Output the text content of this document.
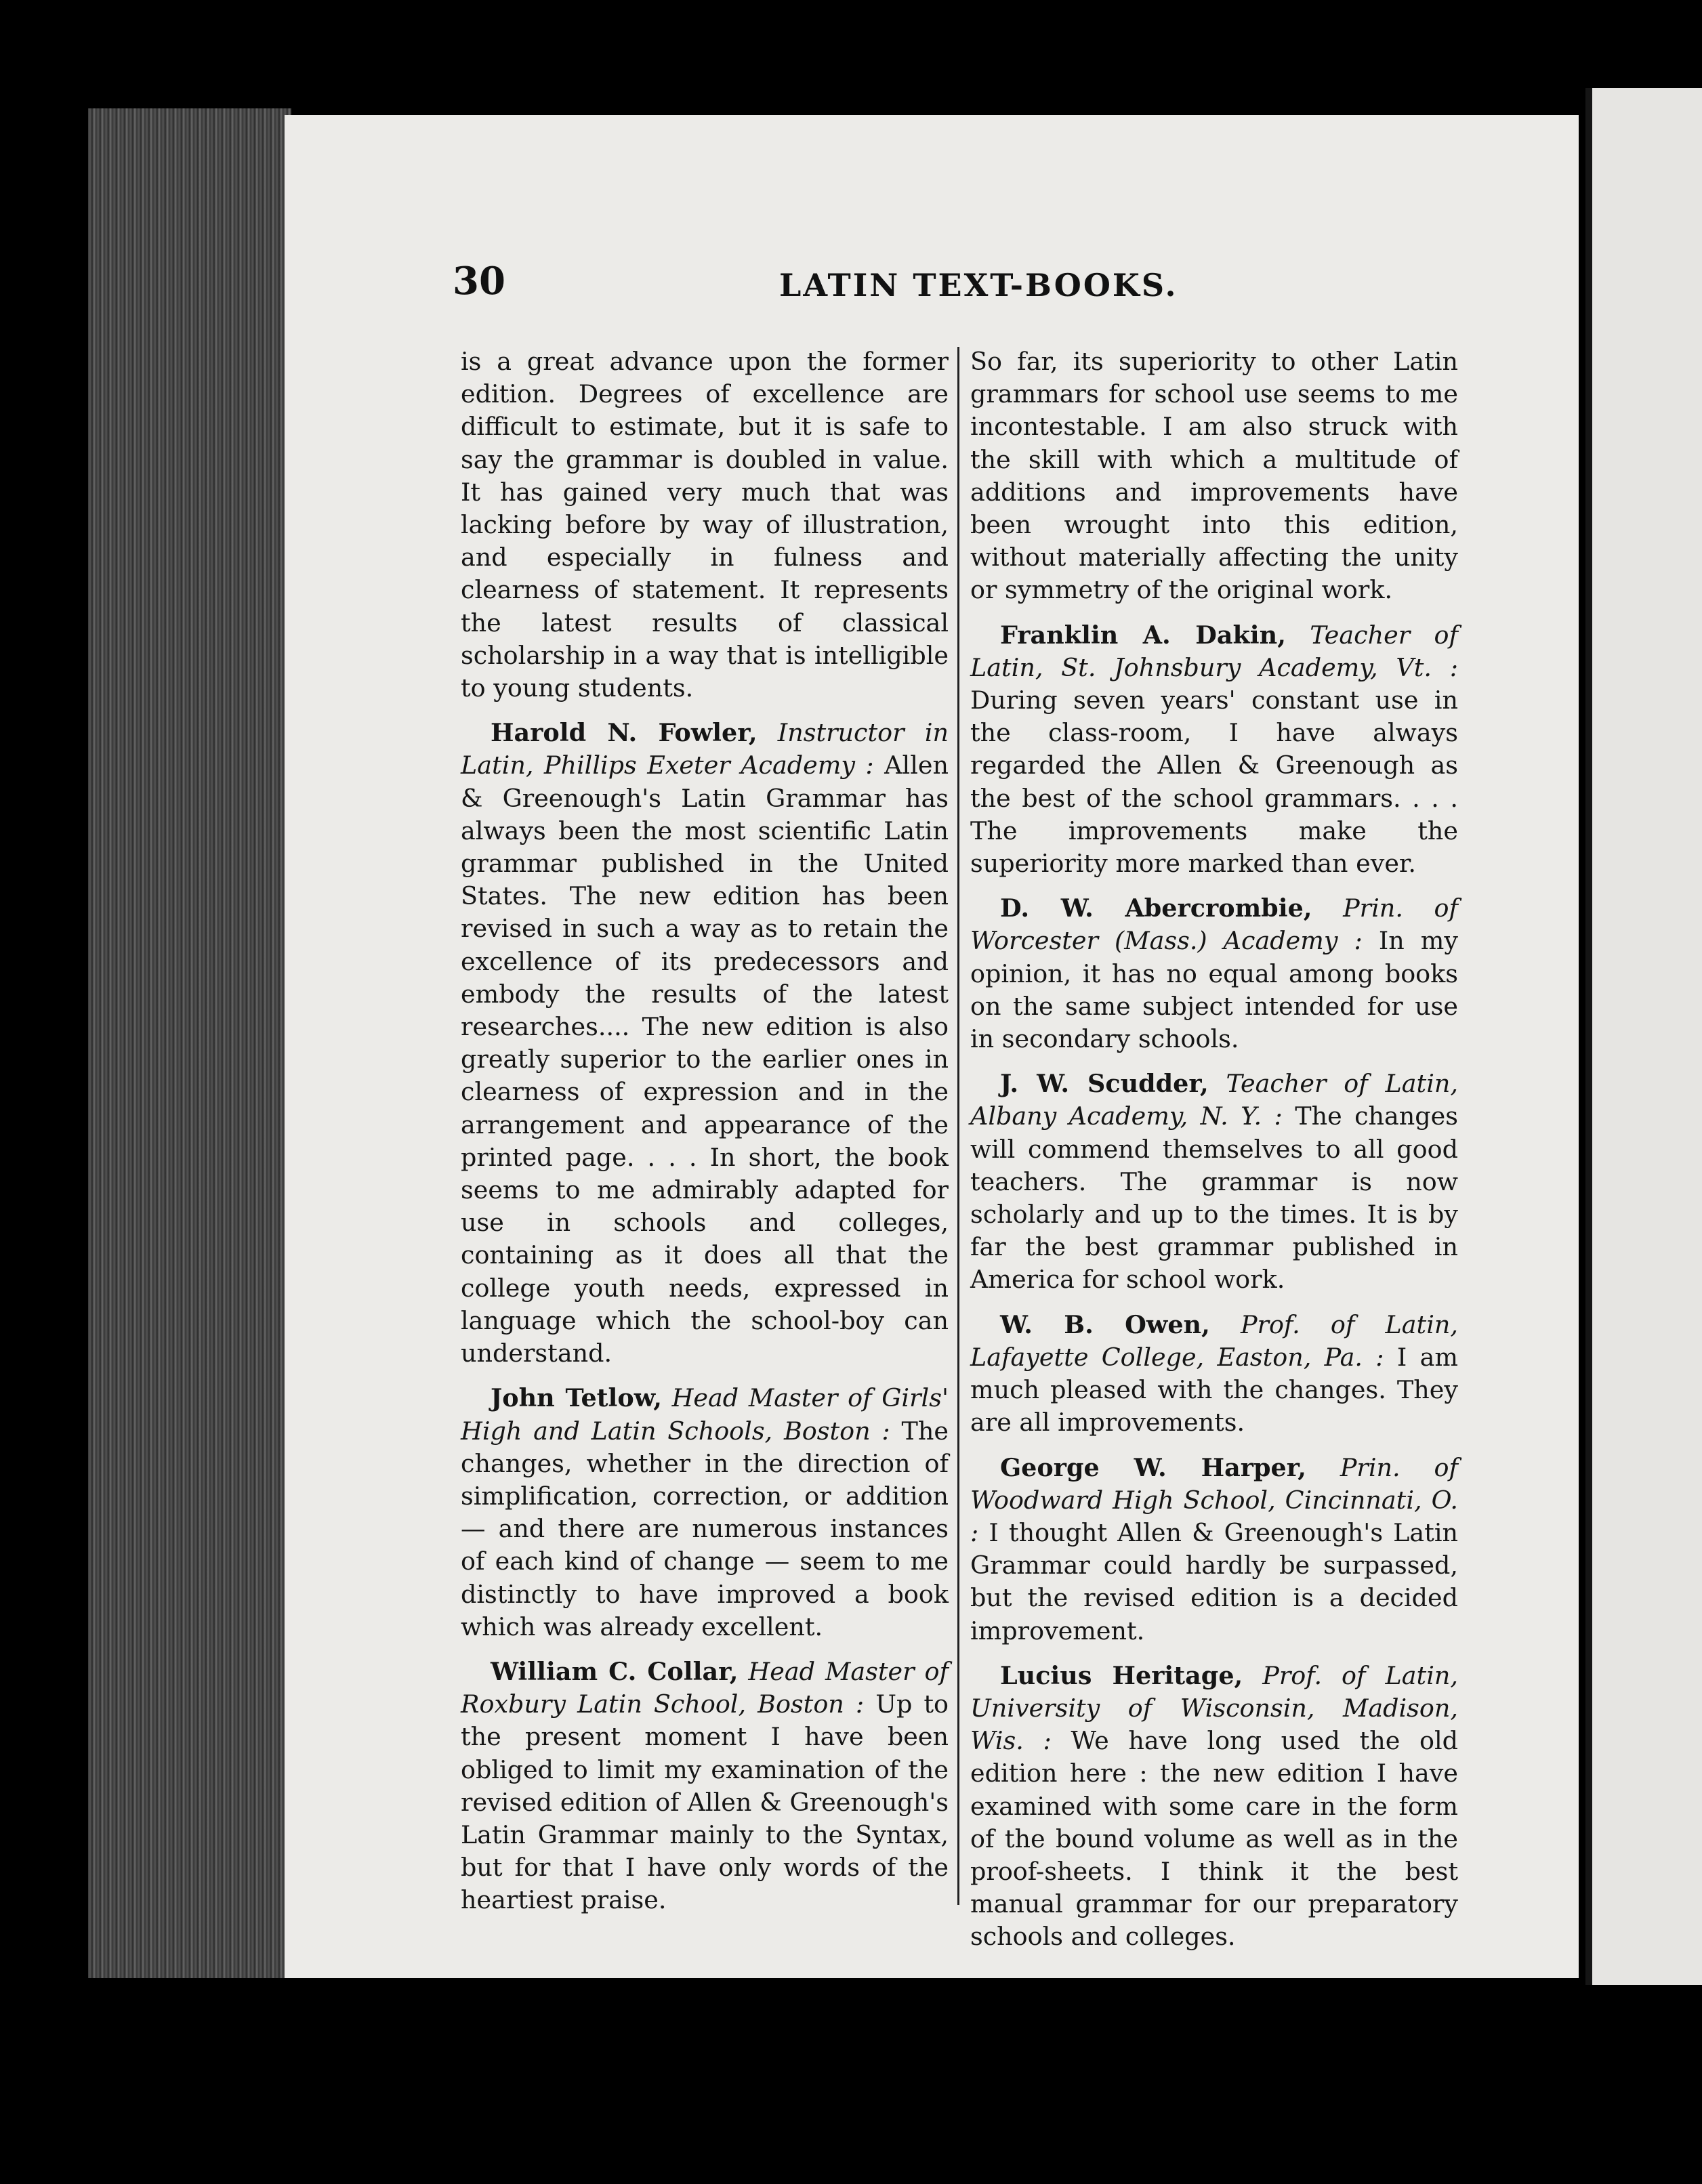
30	LATIN TEXT-BOOKS.

is a great advance upon the former edition. Degrees of excellence are difficult to estimate, but it is safe to say the grammar is doubled in value. It has gained very much that was lacking before by way of illustration, and especially in fulness and clearness of statement. It represents the latest results of classical scholarship in a way that is intelligible to young students.

Harold N. Fowler, Instructor in Latin, Phillips Exeter Academy : Allen & Greenough's Latin Grammar has always been the most scientific Latin grammar published in the United States. The new edition has been revised in such a way as to retain the excellence of its predecessors and embody the results of the latest researches.... The new edition is also greatly superior to the earlier ones in clearness of expression and in the arrangement and appearance of the printed page. . . . In short, the book seems to me admirably adapted for use in schools and colleges, containing as it does all that the college youth needs, expressed in language which the school-boy can understand.

John Tetlow, Head Master of Girls' High and Latin Schools, Boston : The changes, whether in the direction of simplification, correction, or addition — and there are numerous instances of each kind of change — seem to me distinctly to have improved a book which was already excellent.

William C. Collar, Head Master of Roxbury Latin School, Boston : Up to the present moment I have been obliged to limit my examination of the revised edition of Allen & Greenough's Latin Grammar mainly to the Syntax, but for that I have only words of the heartiest praise.

So far, its superiority to other Latin grammars for school use seems to me incontestable. I am also struck with the skill with which a multitude of additions and improvements have been wrought into this edition, without materially affecting the unity or symmetry of the original work.

Franklin A. Dakin, Teacher of Latin, St. Johnsbury Academy, Vt. : During seven years' constant use in the class-room, I have always regarded the Allen & Greenough as the best of the school grammars. . . . The improvements make the superiority more marked than ever.

D. W. Abercrombie, Prin. of Worcester (Mass.) Academy : In my opinion, it has no equal among books on the same subject intended for use in secondary schools.

J. W. Scudder, Teacher of Latin, Albany Academy, N. Y. : The changes will commend themselves to all good teachers. The grammar is now scholarly and up to the times. It is by far the best grammar published in America for school work.

W. B. Owen, Prof. of Latin, Lafayette College, Easton, Pa. : I am much pleased with the changes. They are all improvements.

George W. Harper, Prin. of Woodward High School, Cincinnati, O. : I thought Allen & Greenough's Latin Grammar could hardly be surpassed, but the revised edition is a decided improvement.

Lucius Heritage, Prof. of Latin, University of Wisconsin, Madison, Wis. : We have long used the old edition here : the new edition I have examined with some care in the form of the bound volume as well as in the proof-sheets. I think it the best manual grammar for our preparatory schools and colleges.
